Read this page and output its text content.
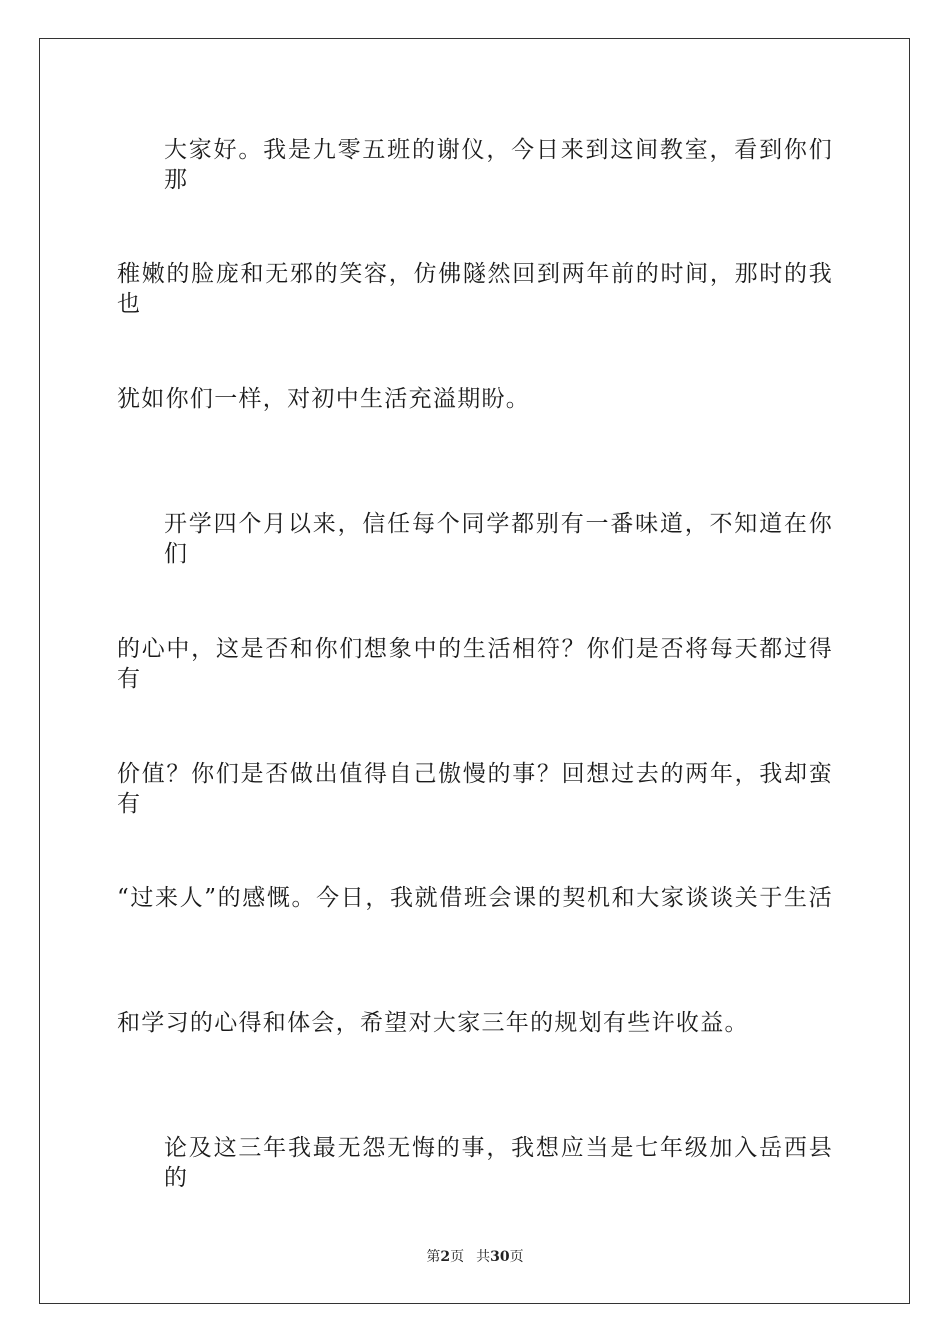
大家好。我是九零五班的谢仪，今日来到这间教室，看到你们那
稚嫩的脸庞和无邪的笑容，仿佛隧然回到两年前的时间，那时的我也
犹如你们一样，对初中生活充溢期盼。
开学四个月以来，信任每个同学都别有一番味道，不知道在你们
的心中，这是否和你们想象中的生活相符？你们是否将每天都过得有
价值？你们是否做出值得自己傲慢的事？回想过去的两年，我却蛮有
“过来人”的感慨。今日，我就借班会课的契机和大家谈谈关于生活
和学习的心得和体会，希望对大家三年的规划有些许收益。
论及这三年我最无怨无悔的事，我想应当是七年级加入岳西县的
第2页 共30页
